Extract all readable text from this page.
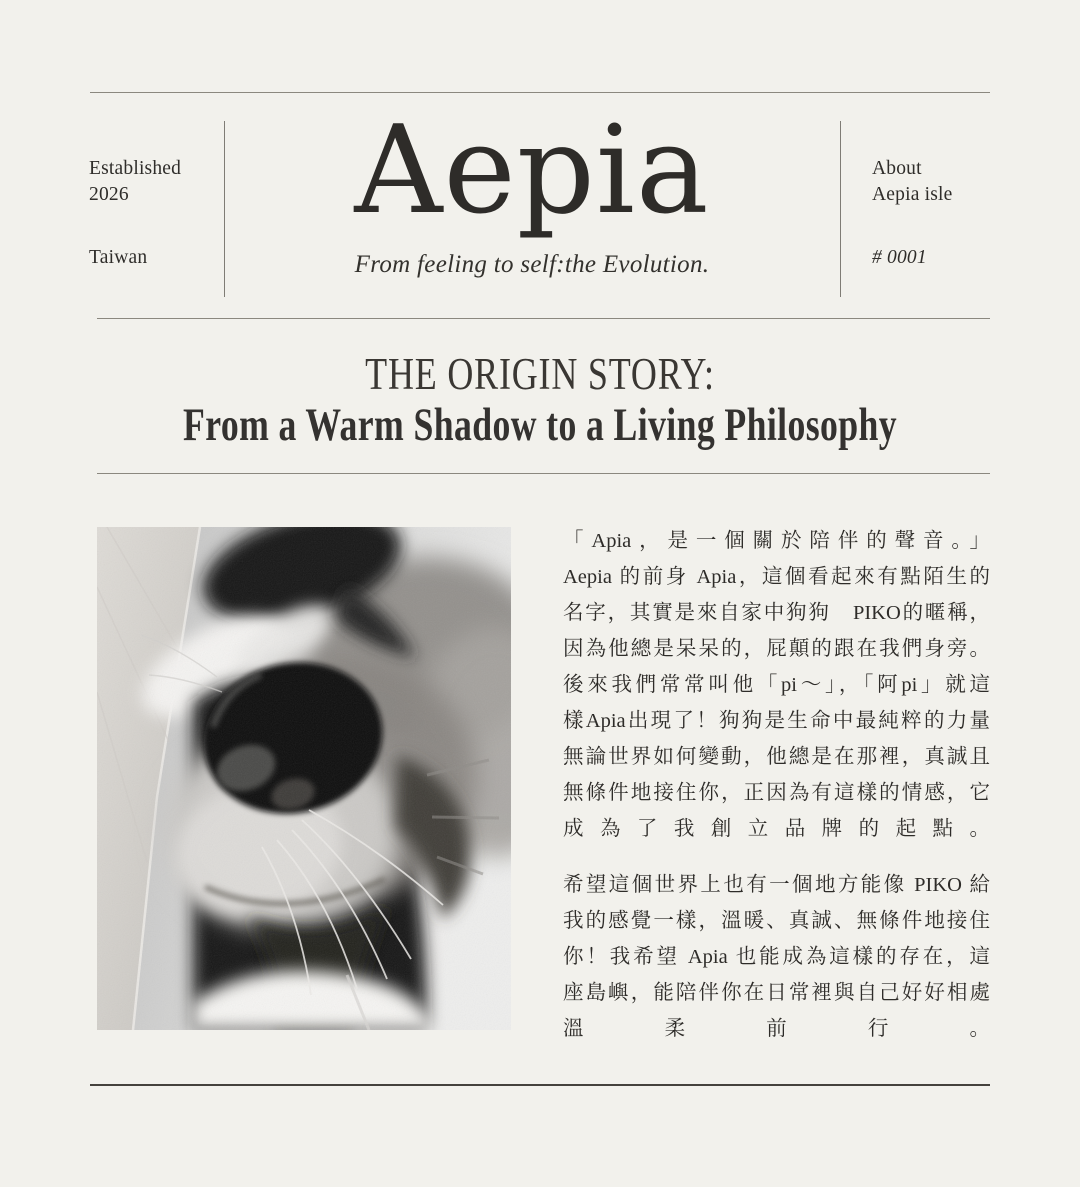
Established
2026
Taiwan
Aepia
From feeling to self:the Evolution.
About
Aepia isle
# 0001
THE ORIGIN STORY:
From a Warm Shadow to a Living Philosophy
「Apia，是一個關於陪伴的聲音。」
Aepia 的前身 Apia，這個看起來有點陌生的
名字，其實是來自家中狗狗　PIKO的暱稱，
因為他總是呆呆的，屁顛的跟在我們身旁。
後來我們常常叫他「pi～」，「阿pi」就這
樣Apia出現了！狗狗是生命中最純粹的力量
無論世界如何變動，他總是在那裡，真誠且
無條件地接住你，正因為有這樣的情感，它
成為了我創立品牌的起點。
希望這個世界上也有一個地方能像 PIKO 給
我的感覺一樣，溫暖、真誠、無條件地接住
你！我希望 Apia 也能成為這樣的存在，這
座島嶼，能陪伴你在日常裡與自己好好相處
溫柔前行。
